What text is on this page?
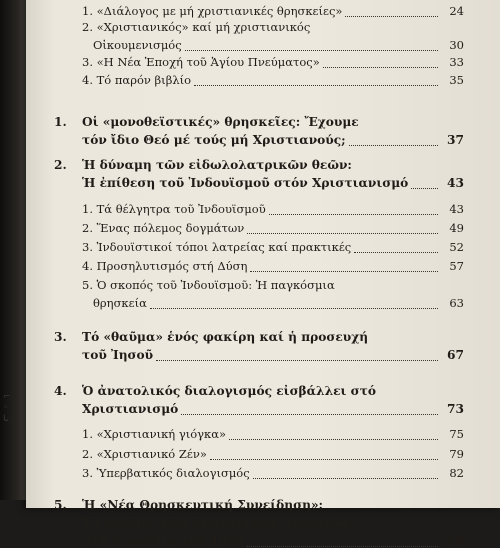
⌐
◦
ᒐ
1. «Διάλογος με μή χριστιανικές θρησκείες»	24
2. «Χριστιανικός» καί μή χριστιανικός
Οἰκουμενισμός	30
3. «Η Νέα Ἐποχή τοῦ Ἁγίου Πνεύματος»	33
4. Τό παρόν βιβλίο	35
1. Οἱ «μονοθεϊστικές» θρησκεῖες: Ἔχουμε
τόν ἴδιο Θεό μέ τούς μή Χριστιανούς;	37
2. Ἡ δύναμη τῶν εἰδωλολατρικῶν θεῶν:
Ἡ ἐπίθεση τοῦ Ἰνδουϊσμοῦ στόν Χριστιανισμό	43
1. Τά θέλγητρα τοῦ Ἰνδουϊσμοῦ	43
2. Ἕνας πόλεμος δογμάτων	49
3. Ἰνδουϊστικοί τόποι λατρείας καί πρακτικές	52
4. Προσηλυτισμός στή Δύση	57
5. Ὁ σκοπός τοῦ Ἰνδουϊσμοῦ: Ἡ παγκόσμια
θρησκεία	63
3. Τό «θαῦμα» ἑνός φακίρη καί ἡ προσευχή
τοῦ Ἰησοῦ	67
4. Ὁ ἀνατολικός διαλογισμός εἰσβάλλει στό
Χριστιανισμό	73
1. «Χριστιανική γιόγκα»	75
2. «Χριστιανικό Ζέν»	79
3. Ὑπερβατικός διαλογισμός	82
5. Ἡ «Νέα Θρησκευτική Συνείδηση»:
Τό πνεῦμα τῶν ἀνατολικῶν Λατρειῶν
στή δεκαετία τοῦ 1970	89
